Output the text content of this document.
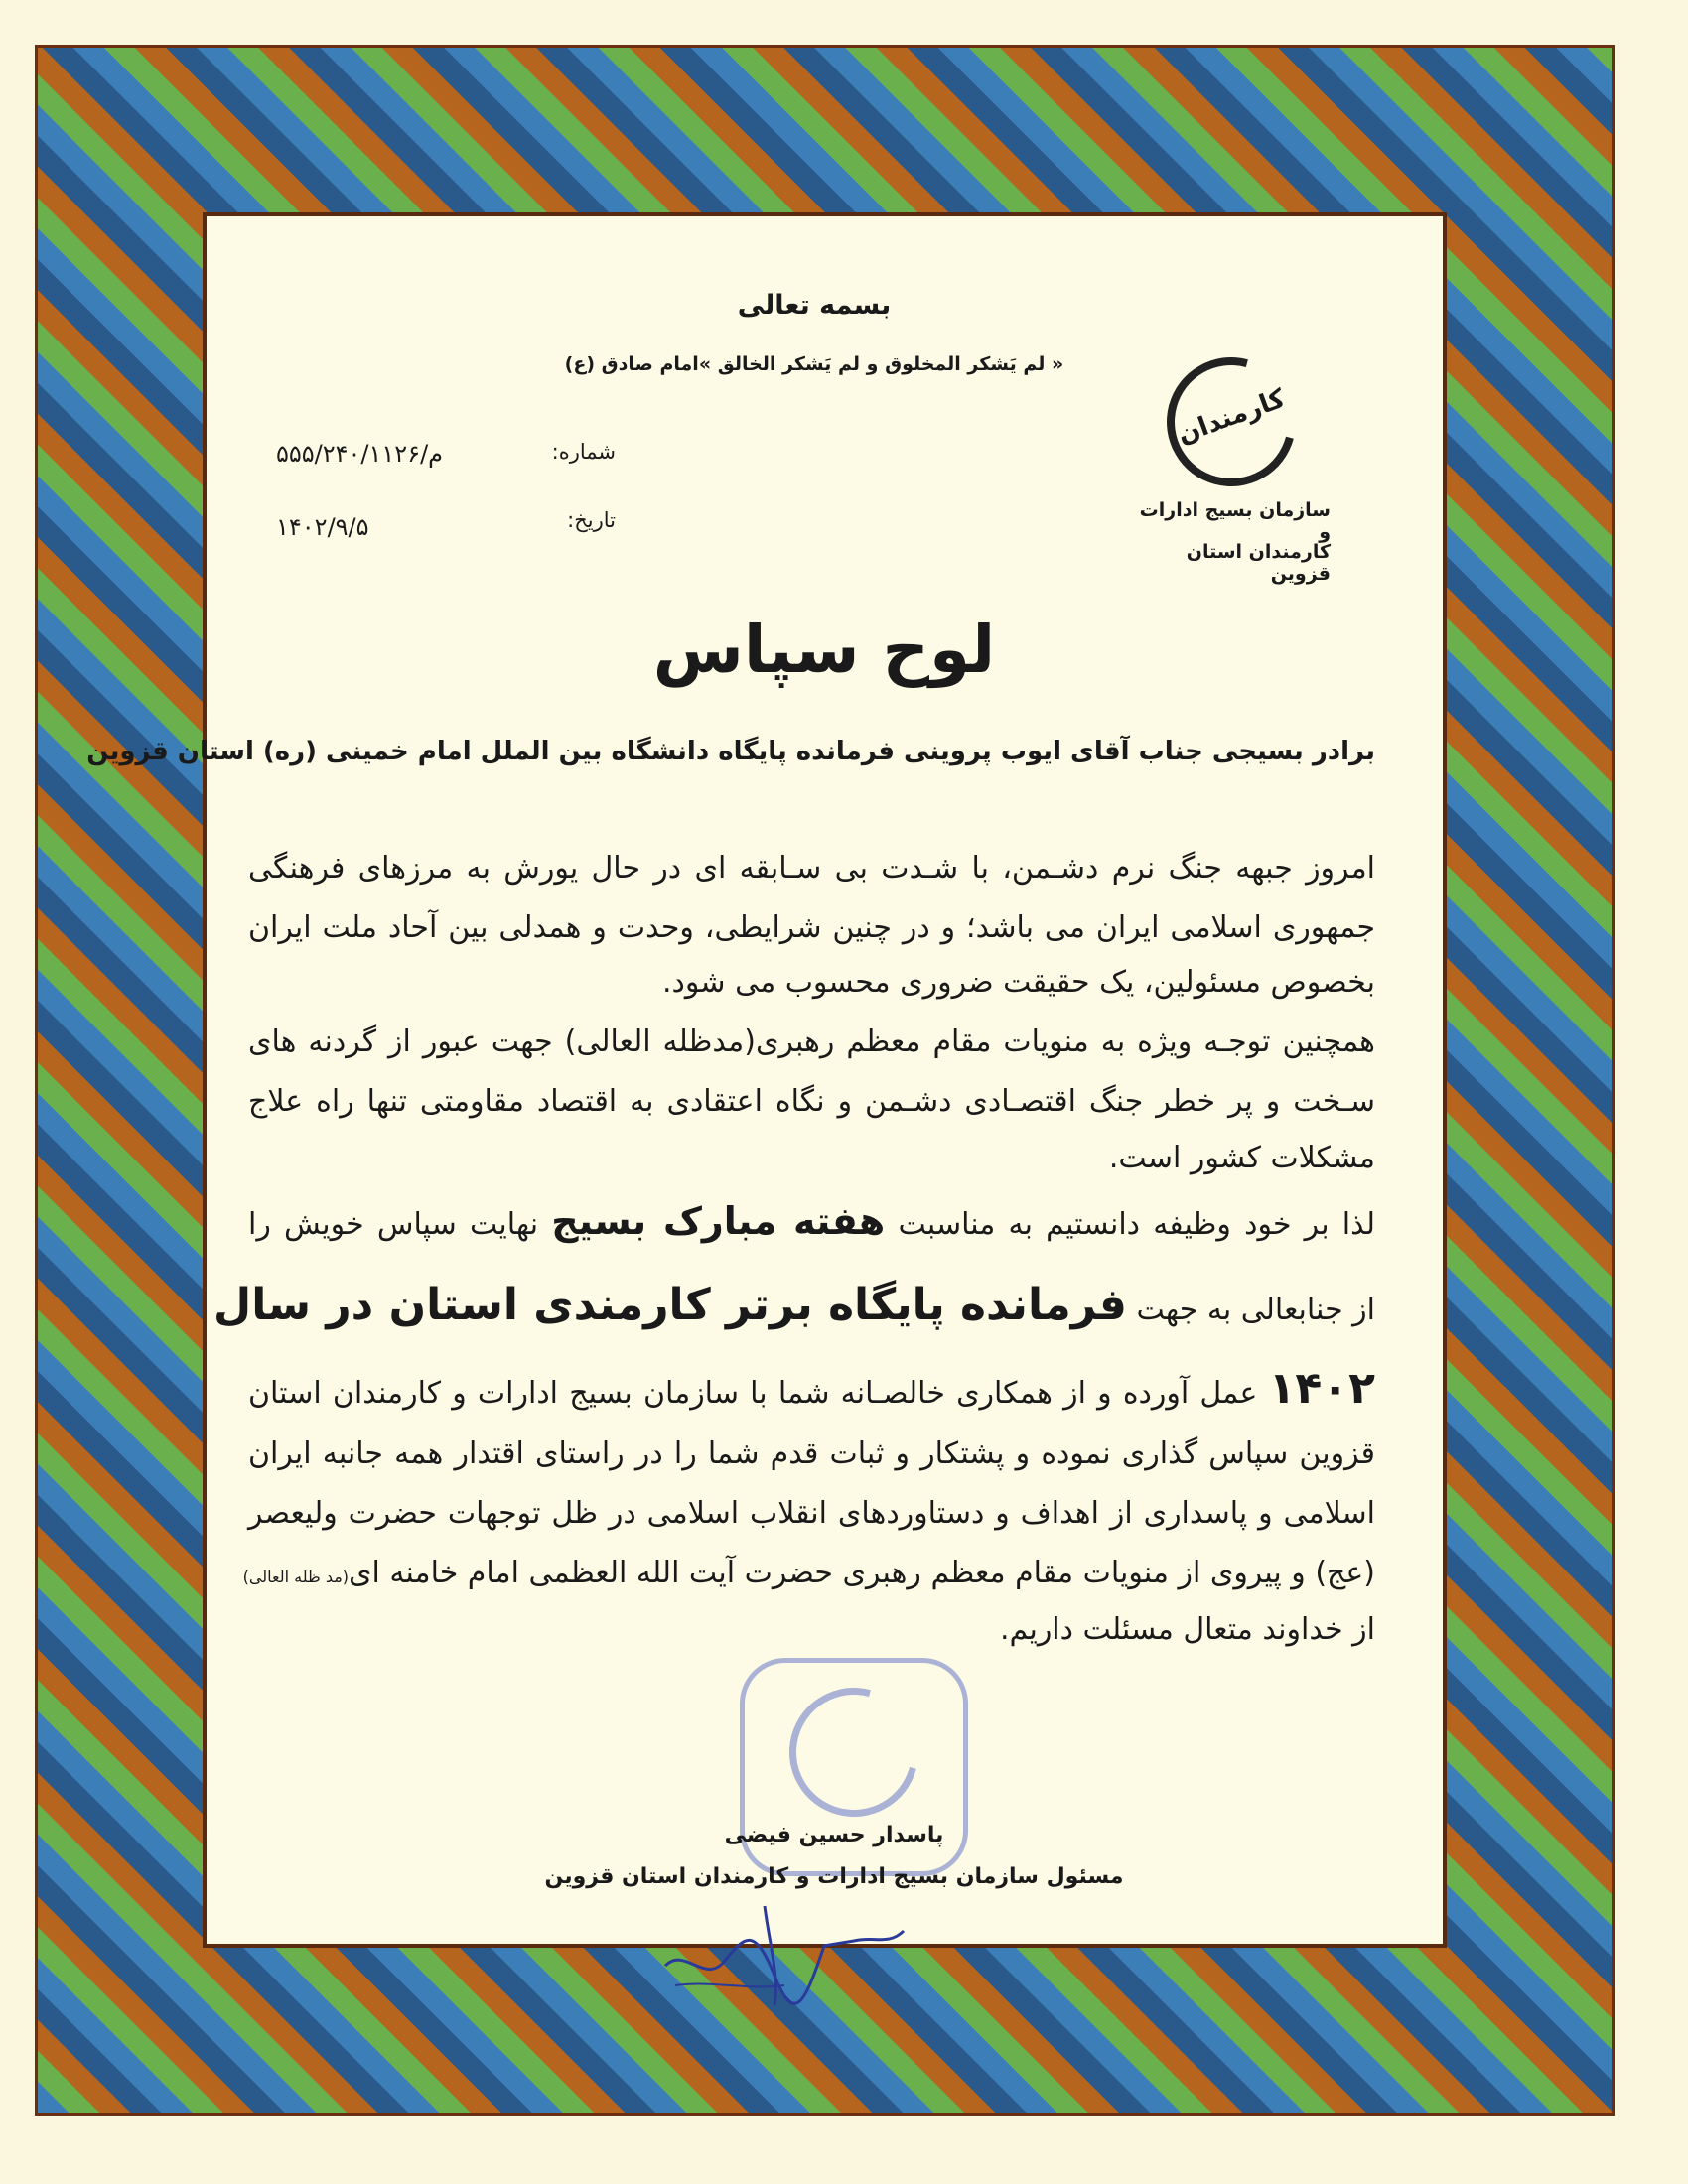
بسمه تعالی
« لم يَشکر المخلوق و لم يَشکر الخالق »امام صادق (ع)
شماره:
۵۵۵/۲۴۰/۱۱۲۶/م
تاریخ:
۱۴۰۲/۹/۵
کارمندان
سازمان بسیج ادارات و
کارمندان استان قزوین
لوح سپاس
برادر بسیجی جناب آقای ایوب پروینی فرمانده پایگاه دانشگاه بین الملل امام خمینی (ره) استان قزوین
امروز جبهه جنگ نرم دشـمن، با شـدت بی سـابقه ای در حال یورش به مرزهای فرهنگی
جمهوری اسلامی ایران می باشد؛ و در چنین شرایطی، وحدت و همدلی بین آحاد ملت ایران
بخصوص مسئولین، یک حقیقت ضروری محسوب می شود.
همچنین توجـه ویژه به منویات مقام معظم رهبری(مدظله العالی) جهت عبور از گردنه های
سـخت و پر خطر جنگ اقتصـادی دشـمن و نگاه اعتقادی به اقتصاد مقاومتی تنها راه علاج
مشکلات کشور است.
لذا بر خود وظیفه دانستیم به مناسبت هفته مبارک بسیج نهایت سپاس خویش را
از جنابعالی به جهت فرمانده پایگاه برتر کارمندی استان در سال
۱۴۰۲ عمل آورده و از همکاری خالصـانه شما با سازمان بسیج ادارات و کارمندان استان
قزوین سپاس گذاری نموده و پشتکار و ثبات قدم شما را در راستای اقتدار همه جانبه ایران
اسلامی و پاسداری از اهداف و دستاوردهای انقلاب اسلامی در ظل توجهات حضرت ولیعصر
(عج) و پیروی از منویات مقام معظم رهبری حضرت آیت الله العظمی امام خامنه ای(مد ظله العالی)
از خداوند متعال مسئلت داریم.
پاسدار حسین فیضی
مسئول سازمان بسیج ادارات و کارمندان استان قزوین
